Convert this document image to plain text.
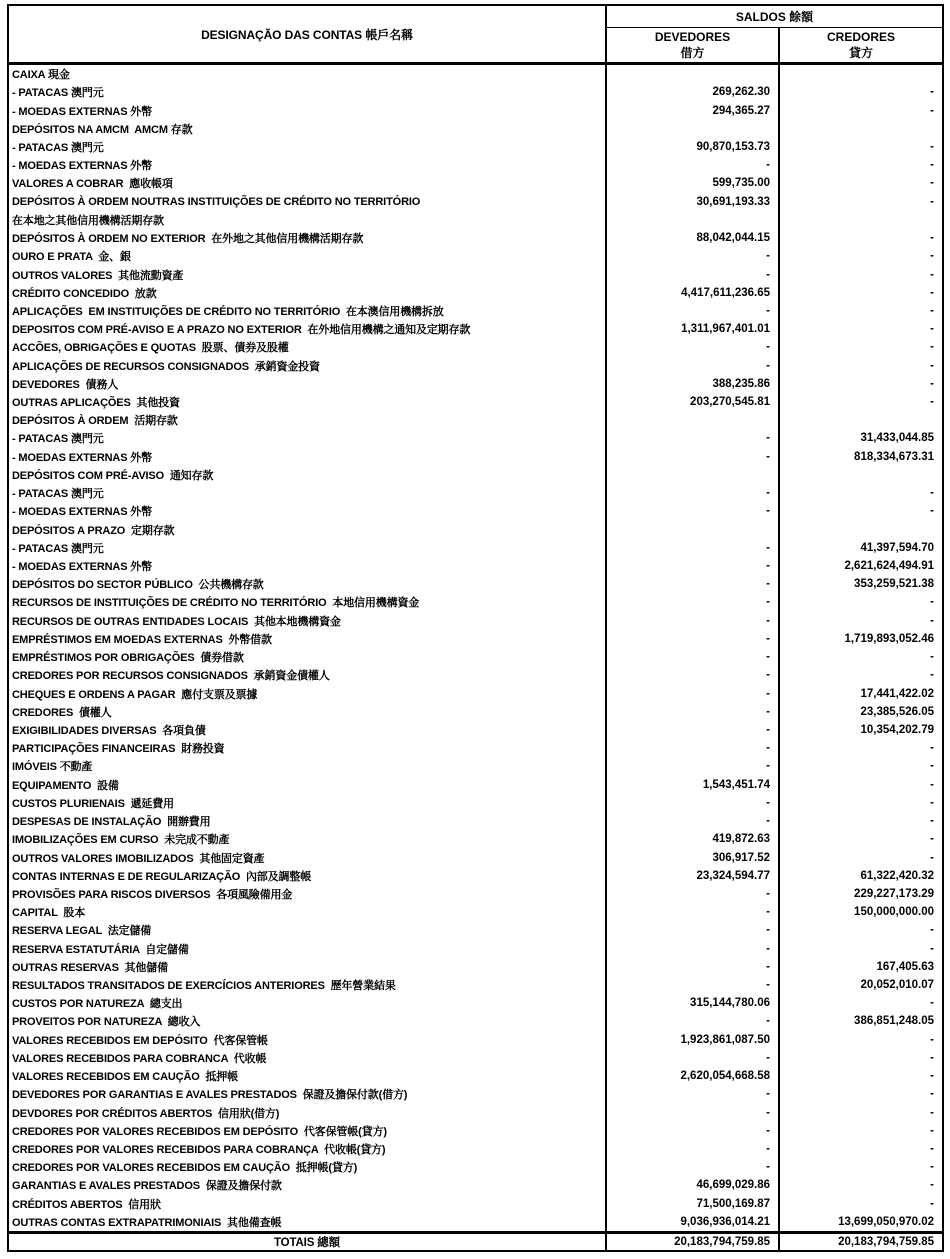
DESIGNAÇÃO DAS CONTAS 帳戶名稱
SALDOS 餘額
DEVEDORES
借方
CREDORES
貸方
CAIXA 現金
- PATACAS 澳門元	269,262.30	-
- MOEDAS EXTERNAS 外幣	294,365.27	-
DEPÓSITOS NA AMCM  AMCM 存款
- PATACAS 澳門元	90,870,153.73	-
- MOEDAS EXTERNAS 外幣	-	-
VALORES A COBRAR  應收帳項	599,735.00	-
DEPÓSITOS À ORDEM NOUTRAS INSTITUIÇÕES DE CRÉDITO NO TERRITÓRIO	30,691,193.33	-
在本地之其他信用機構活期存款
DEPÓSITOS À ORDEM NO EXTERIOR  在外地之其他信用機構活期存款	88,042,044.15	-
OURO E PRATA  金、銀	-	-
OUTROS VALORES  其他流動資產	-	-
CRÉDITO CONCEDIDO  放款	4,417,611,236.65	-
APLICAÇÕES  EM INSTITUIÇÕES DE CRÉDITO NO TERRITÓRIO  在本澳信用機構拆放	-	-
DEPOSITOS COM PRÉ-AVISO E A PRAZO NO EXTERIOR  在外地信用機構之通知及定期存款	1,311,967,401.01	-
ACCÕES, OBRIGAÇÕES E QUOTAS  股票、債券及股權	-	-
APLICAÇÕES DE RECURSOS CONSIGNADOS  承銷資金投資	-	-
DEVEDORES  債務人	388,235.86	-
OUTRAS APLICAÇÕES  其他投資	203,270,545.81	-
DEPÓSITOS À ORDEM  活期存款
- PATACAS 澳門元	-	31,433,044.85
- MOEDAS EXTERNAS 外幣	-	818,334,673.31
DEPÓSITOS COM PRÉ-AVISO  通知存款
- PATACAS 澳門元	-	-
- MOEDAS EXTERNAS 外幣	-	-
DEPÓSITOS A PRAZO  定期存款
- PATACAS 澳門元	-	41,397,594.70
- MOEDAS EXTERNAS 外幣	-	2,621,624,494.91
DEPÓSITOS DO SECTOR PÚBLICO  公共機構存款	-	353,259,521.38
RECURSOS DE INSTITUIÇÕES DE CRÉDITO NO TERRITÓRIO  本地信用機構資金	-	-
RECURSOS DE OUTRAS ENTIDADES LOCAIS  其他本地機構資金	-	-
EMPRÉSTIMOS EM MOEDAS EXTERNAS  外幣借款	-	1,719,893,052.46
EMPRÉSTIMOS POR OBRIGAÇÕES  債券借款	-	-
CREDORES POR RECURSOS CONSIGNADOS  承銷資金債權人	-	-
CHEQUES E ORDENS A PAGAR  應付支票及票據	-	17,441,422.02
CREDORES  債權人	-	23,385,526.05
EXIGIBILIDADES DIVERSAS  各項負債	-	10,354,202.79
PARTICIPAÇÕES FINANCEIRAS  財務投資	-	-
IMÓVEIS 不動產	-	-
EQUIPAMENTO  設備	1,543,451.74	-
CUSTOS PLURIENAIS  遞延費用	-	-
DESPESAS DE INSTALAÇÃO  開辦費用	-	-
IMOBILIZAÇÕES EM CURSO  未完成不動產	419,872.63	-
OUTROS VALORES IMOBILIZADOS  其他固定資產	306,917.52	-
CONTAS INTERNAS E DE REGULARIZAÇÃO  內部及調整帳	23,324,594.77	61,322,420.32
PROVISÕES PARA RISCOS DIVERSOS  各項風險備用金	-	229,227,173.29
CAPITAL  股本	-	150,000,000.00
RESERVA LEGAL  法定儲備	-	-
RESERVA ESTATUTÁRIA  自定儲備	-	-
OUTRAS RESERVAS  其他儲備	-	167,405.63
RESULTADOS TRANSITADOS DE EXERCÍCIOS ANTERIORES  歷年營業結果	-	20,052,010.07
CUSTOS POR NATUREZA  總支出	315,144,780.06	-
PROVEITOS POR NATUREZA  總收入	-	386,851,248.05
VALORES RECEBIDOS EM DEPÓSITO  代客保管帳	1,923,861,087.50	-
VALORES RECEBIDOS PARA COBRANCA  代收帳	-	-
VALORES RECEBIDOS EM CAUÇÃO  抵押帳	2,620,054,668.58	-
DEVEDORES POR GARANTIAS E AVALES PRESTADOS  保證及擔保付款(借方)	-	-
DEVDORES POR CRÉDITOS ABERTOS  信用狀(借方)	-	-
CREDORES POR VALORES RECEBIDOS EM DEPÓSITO  代客保管帳(貸方)	-	-
CREDORES POR VALORES RECEBIDOS PARA COBRANÇA  代收帳(貸方)	-	-
CREDORES POR VALORES RECEBIDOS EM CAUÇÃO  抵押帳(貸方)	-	-
GARANTIAS E AVALES PRESTADOS  保證及擔保付款	46,699,029.86	-
CRÉDITOS ABERTOS  信用狀	71,500,169.87	-
OUTRAS CONTAS EXTRAPATRIMONIAIS  其他備查帳	9,036,936,014.21	13,699,050,970.02
TOTAIS 總額	20,183,794,759.85	20,183,794,759.85
